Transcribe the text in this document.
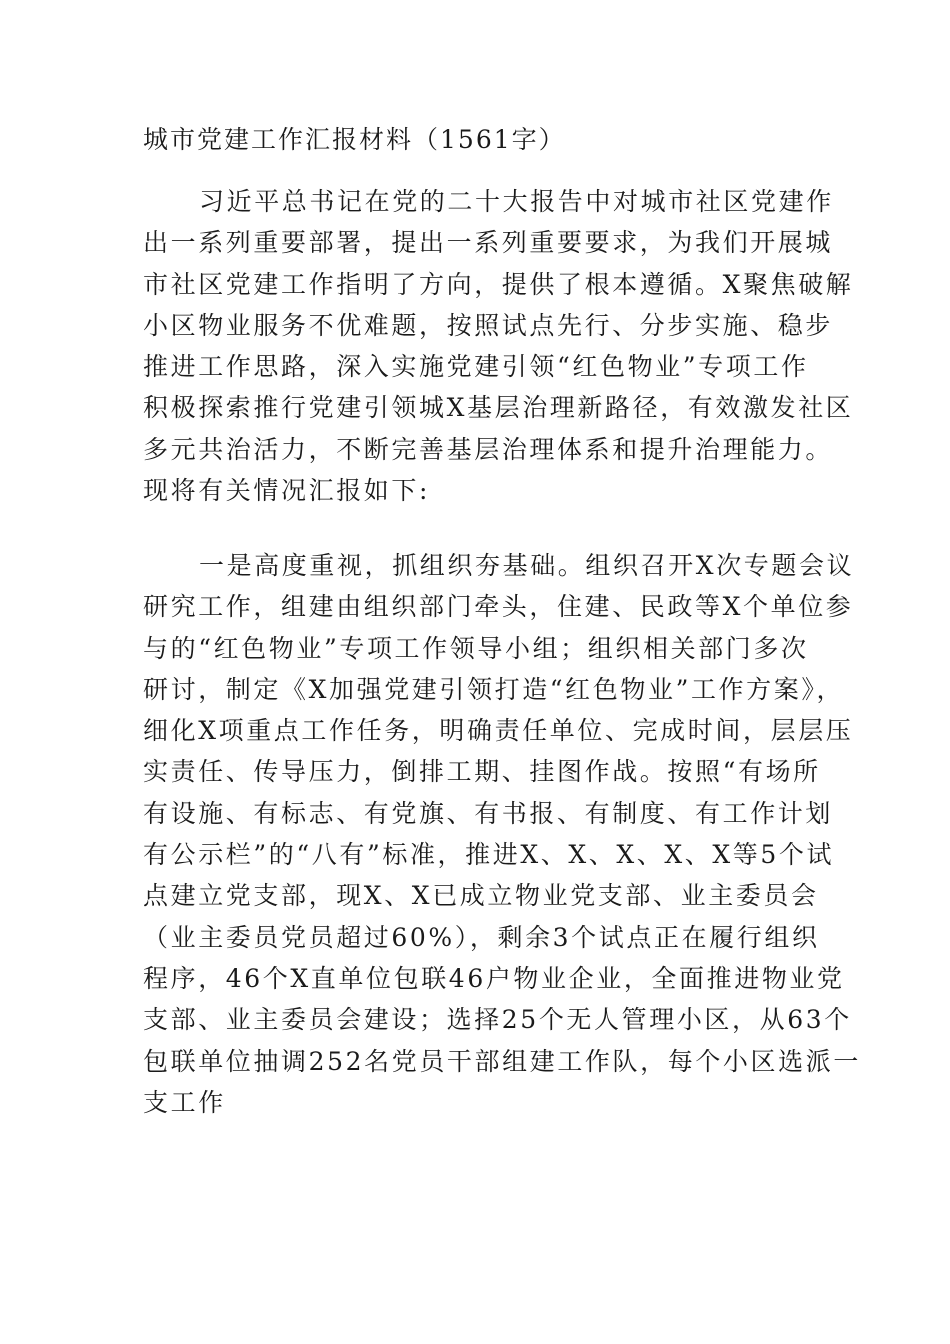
城市党建工作汇报材料（1561字）
习近平总书记在党的二十大报告中对城市社区党建作
出一系列重要部署，提出一系列重要要求，为我们开展城
市社区党建工作指明了方向，提供了根本遵循。X聚焦破解
小区物业服务不优难题，按照试点先行、分步实施、稳步
推进工作思路，深入实施党建引领“红色物业”专项工作
积极探索推行党建引领城X基层治理新路径，有效激发社区
多元共治活力，不断完善基层治理体系和提升治理能力。
现将有关情况汇报如下:
一是高度重视，抓组织夯基础。组织召开X次专题会议
研究工作，组建由组织部门牵头，住建、民政等X个单位参
与的“红色物业”专项工作领导小组；组织相关部门多次
研讨，制定《X加强党建引领打造“红色物业”工作方案》，
细化X项重点工作任务，明确责任单位、完成时间，层层压
实责任、传导压力，倒排工期、挂图作战。按照“有场所
有设施、有标志、有党旗、有书报、有制度、有工作计划
有公示栏”的“八有”标准，推进X、X、X、X、X等5个试
点建立党支部，现X、X已成立物业党支部、业主委员会
（业主委员党员超过60%），剩余3个试点正在履行组织
程序，46个X直单位包联46户物业企业，全面推进物业党
支部、业主委员会建设；选择25个无人管理小区，从63个
包联单位抽调252名党员干部组建工作队，每个小区选派一
支工作
